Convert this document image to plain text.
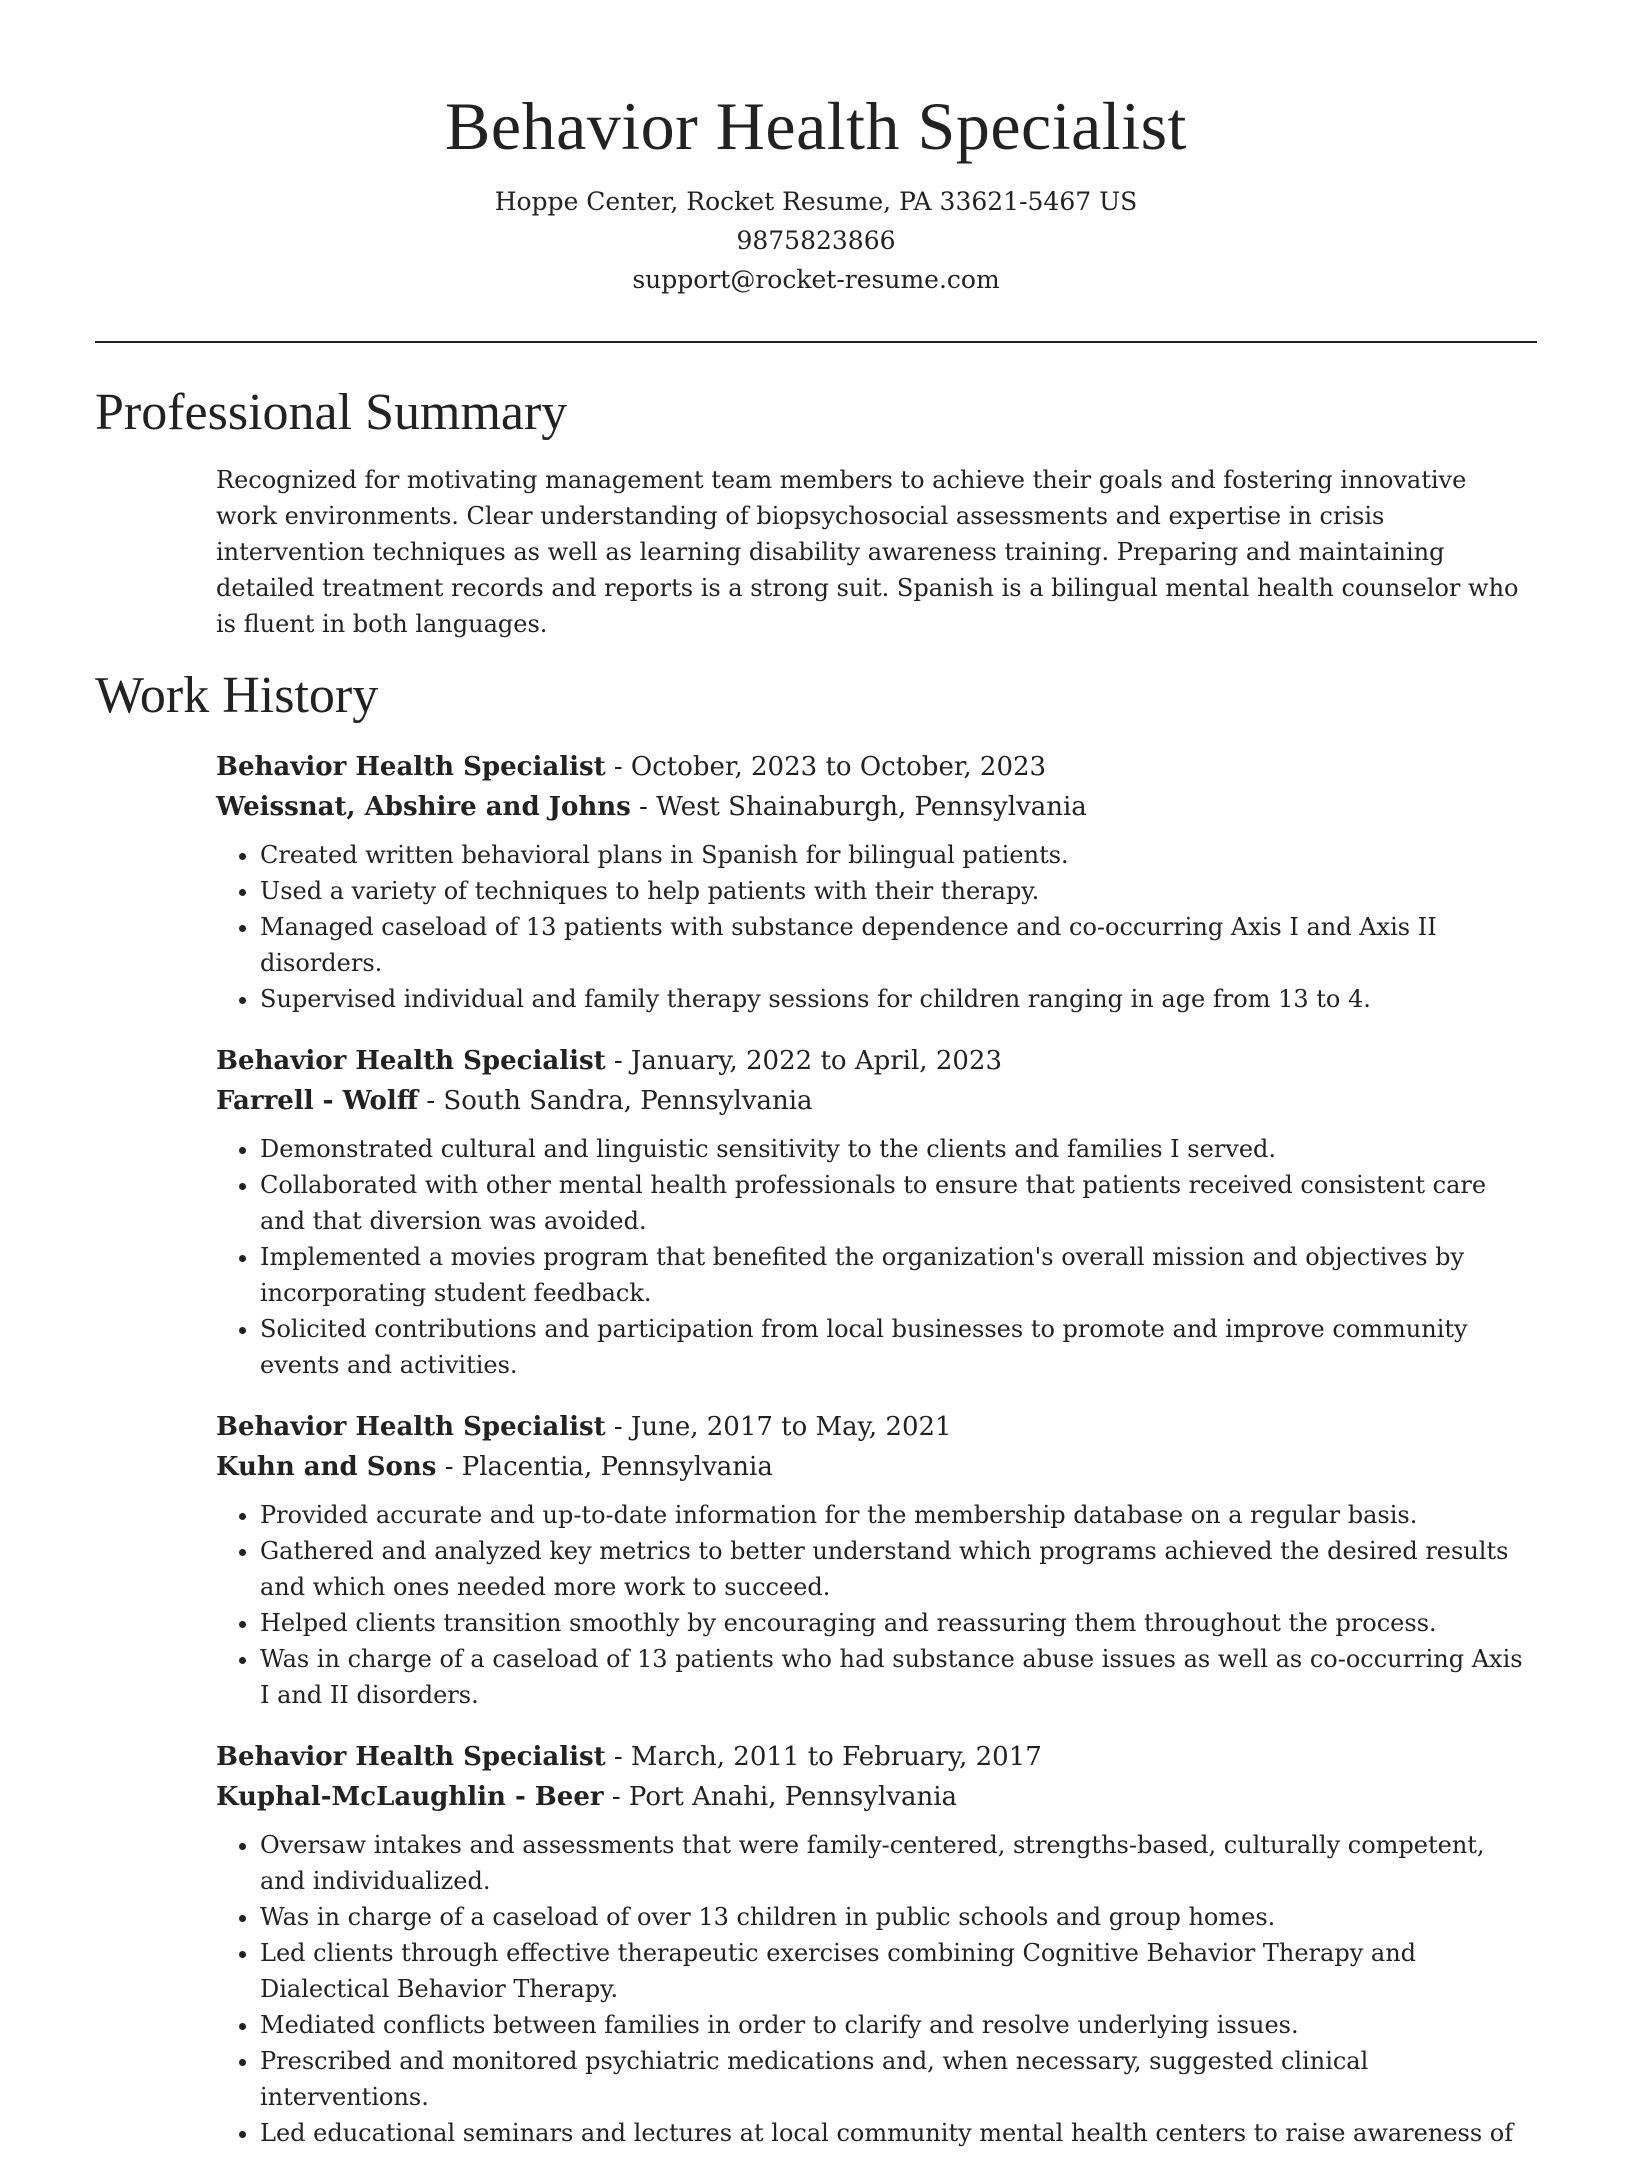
Behavior Health Specialist
Hoppe Center, Rocket Resume, PA 33621-5467 US
9875823866
support@rocket-resume.com
Professional Summary

Recognized for motivating management team members to achieve their goals and fostering innovative work environments. Clear understanding of biopsychosocial assessments and expertise in crisis intervention techniques as well as learning disability awareness training. Preparing and maintaining detailed treatment records and reports is a strong suit. Spanish is a bilingual mental health counselor who is fluent in both languages.

Work History
Behavior Health Specialist - October, 2023 to October, 2023
Weissnat, Abshire and Johns - West Shainaburgh, Pennsylvania
• Created written behavioral plans in Spanish for bilingual patients.
• Used a variety of techniques to help patients with their therapy.
• Managed caseload of 13 patients with substance dependence and co-occurring Axis I and Axis II disorders.
• Supervised individual and family therapy sessions for children ranging in age from 13 to 4.
Behavior Health Specialist - January, 2022 to April, 2023
Farrell - Wolff - South Sandra, Pennsylvania
• Demonstrated cultural and linguistic sensitivity to the clients and families I served.
• Collaborated with other mental health professionals to ensure that patients received consistent care and that diversion was avoided.
• Implemented a movies program that benefited the organization's overall mission and objectives by incorporating student feedback.
• Solicited contributions and participation from local businesses to promote and improve community events and activities.
Behavior Health Specialist - June, 2017 to May, 2021
Kuhn and Sons - Placentia, Pennsylvania
• Provided accurate and up-to-date information for the membership database on a regular basis.
• Gathered and analyzed key metrics to better understand which programs achieved the desired results and which ones needed more work to succeed.
• Helped clients transition smoothly by encouraging and reassuring them throughout the process.
• Was in charge of a caseload of 13 patients who had substance abuse issues as well as co-occurring Axis I and II disorders.
Behavior Health Specialist - March, 2011 to February, 2017
Kuphal-McLaughlin - Beer - Port Anahi, Pennsylvania
• Oversaw intakes and assessments that were family-centered, strengths-based, culturally competent, and individualized.
• Was in charge of a caseload of over 13 children in public schools and group homes.
• Led clients through effective therapeutic exercises combining Cognitive Behavior Therapy and Dialectical Behavior Therapy.
• Mediated conflicts between families in order to clarify and resolve underlying issues.
• Prescribed and monitored psychiatric medications and, when necessary, suggested clinical interventions.
• Led educational seminars and lectures at local community mental health centers to raise awareness of
